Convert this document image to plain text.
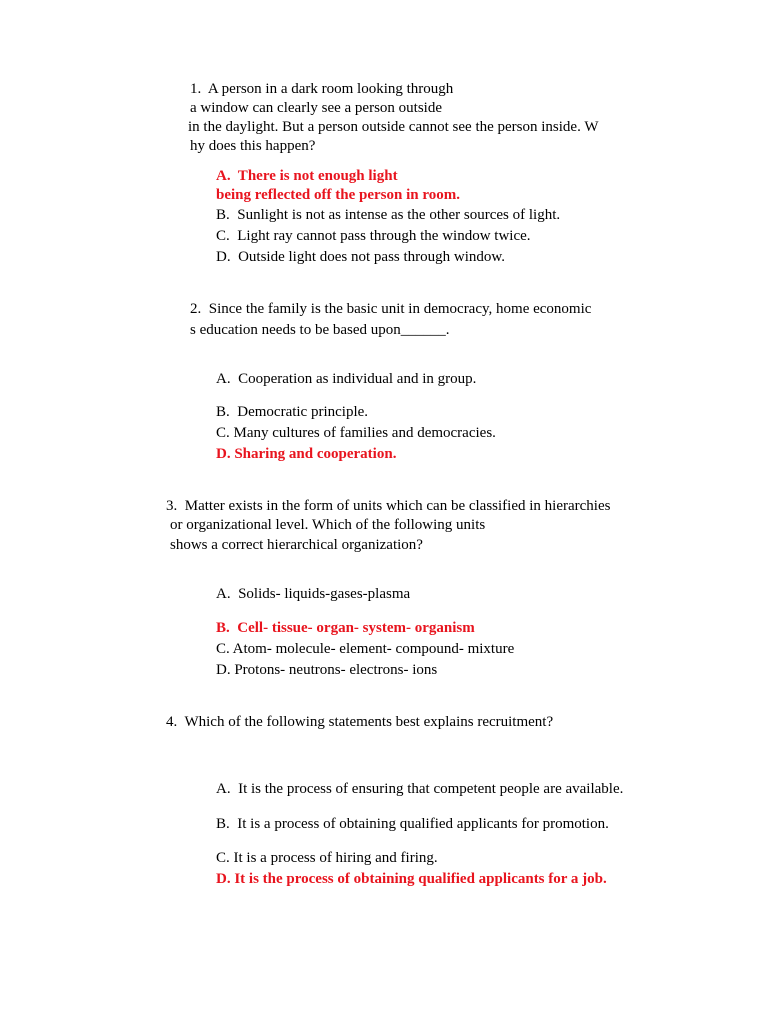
1.  A person in a dark room looking through
a window can clearly see a person outside
in the daylight. But a person outside cannot see the person inside. W
hy does this happen?
A.  There is not enough light
being reflected off the person in room.
B.  Sunlight is not as intense as the other sources of light.
C.  Light ray cannot pass through the window twice.
D.  Outside light does not pass through window.
2.  Since the family is the basic unit in democracy, home economic
s education needs to be based upon______.
A.  Cooperation as individual and in group.
B.  Democratic principle.
C. Many cultures of families and democracies.
D. Sharing and cooperation.
3.  Matter exists in the form of units which can be classified in hierarchies
or organizational level. Which of the following units
shows a correct hierarchical organization?
A.  Solids- liquids-gases-plasma
B.  Cell- tissue- organ- system- organism
C. Atom- molecule- element- compound- mixture
D. Protons- neutrons- electrons- ions
4.  Which of the following statements best explains recruitment?
A.  It is the process of ensuring that competent people are available.
B.  It is a process of obtaining qualified applicants for promotion.
C. It is a process of hiring and firing.
D. It is the process of obtaining qualified applicants for a job.
